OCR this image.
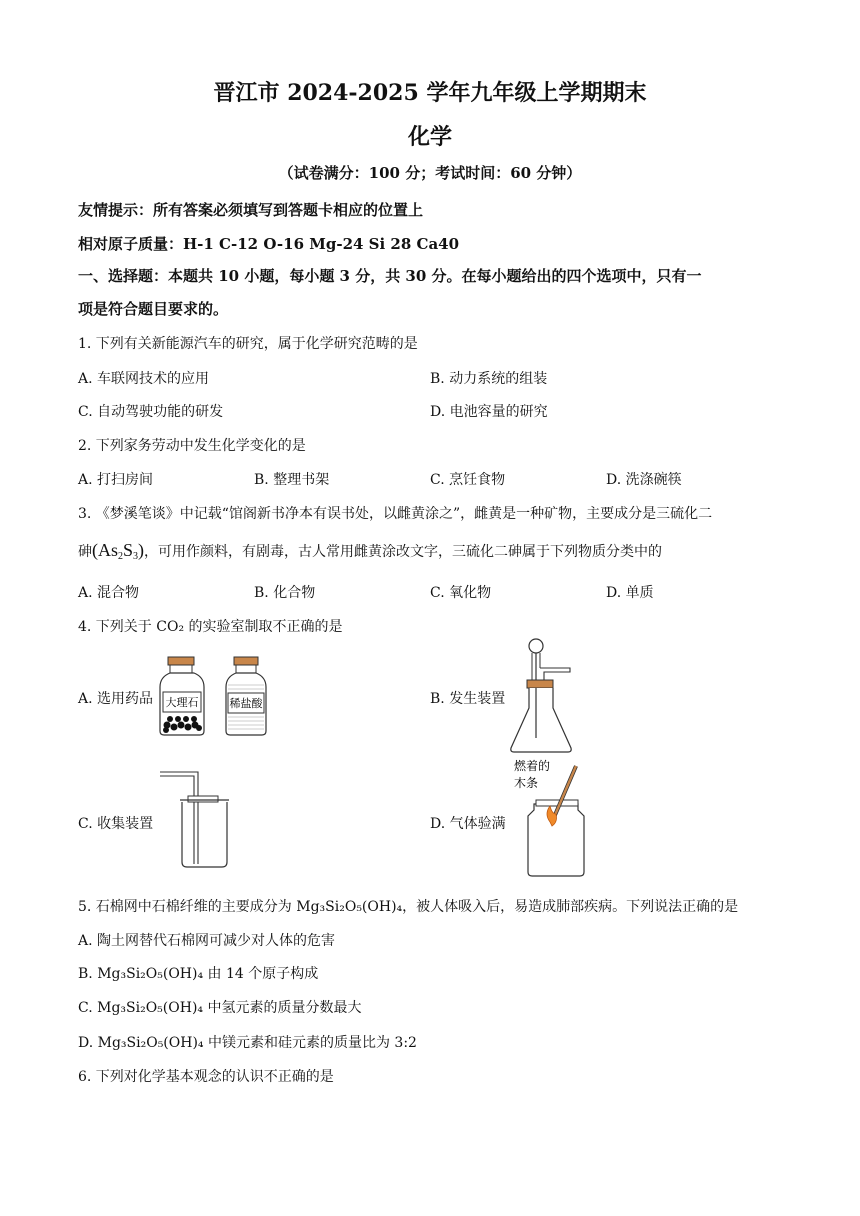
晋江市 2024-2025 学年九年级上学期期末
化学
（试卷满分：100 分；考试时间：60 分钟）
友情提示：所有答案必须填写到答题卡相应的位置上
相对原子质量：H-1 C-12 O-16 Mg-24 Si 28 Ca40
一、选择题：本题共 10 小题，每小题 3 分，共 30 分。在每小题给出的四个选项中，只有一
项是符合题目要求的。
1. 下列有关新能源汽车的研究，属于化学研究范畴的是
A. 车联网技术的应用	B. 动力系统的组装
C. 自动驾驶功能的研发	D. 电池容量的研究
2. 下列家务劳动中发生化学变化的是
A. 打扫房间	B. 整理书架	C. 烹饪食物	D. 洗涤碗筷
3. 《梦溪笔谈》中记载“馆阁新书净本有误书处，以雌黄涂之”，雌黄是一种矿物，主要成分是三硫化二
砷$(As_2S_3)$，可用作颜料，有剧毒，古人常用雌黄涂改文字，三硫化二砷属于下列物质分类中的
A. 混合物	B. 化合物	C. 氧化物	D. 单质
4. 下列关于 CO₂ 的实验室制取不正确的是
A. 选用药品	B. 发生装置
C. 收集装置	D. 气体验满
大理石	稀盐酸
燃着的
木条
5. 石棉网中石棉纤维的主要成分为 Mg₃Si₂O₅(OH)₄，被人体吸入后，易造成肺部疾病。下列说法正确的是
A. 陶土网替代石棉网可减少对人体的危害
B. Mg₃Si₂O₅(OH)₄ 由 14 个原子构成
C. Mg₃Si₂O₅(OH)₄ 中氢元素的质量分数最大
D. Mg₃Si₂O₅(OH)₄ 中镁元素和硅元素的质量比为 3:2
6. 下列对化学基本观念的认识不正确的是
